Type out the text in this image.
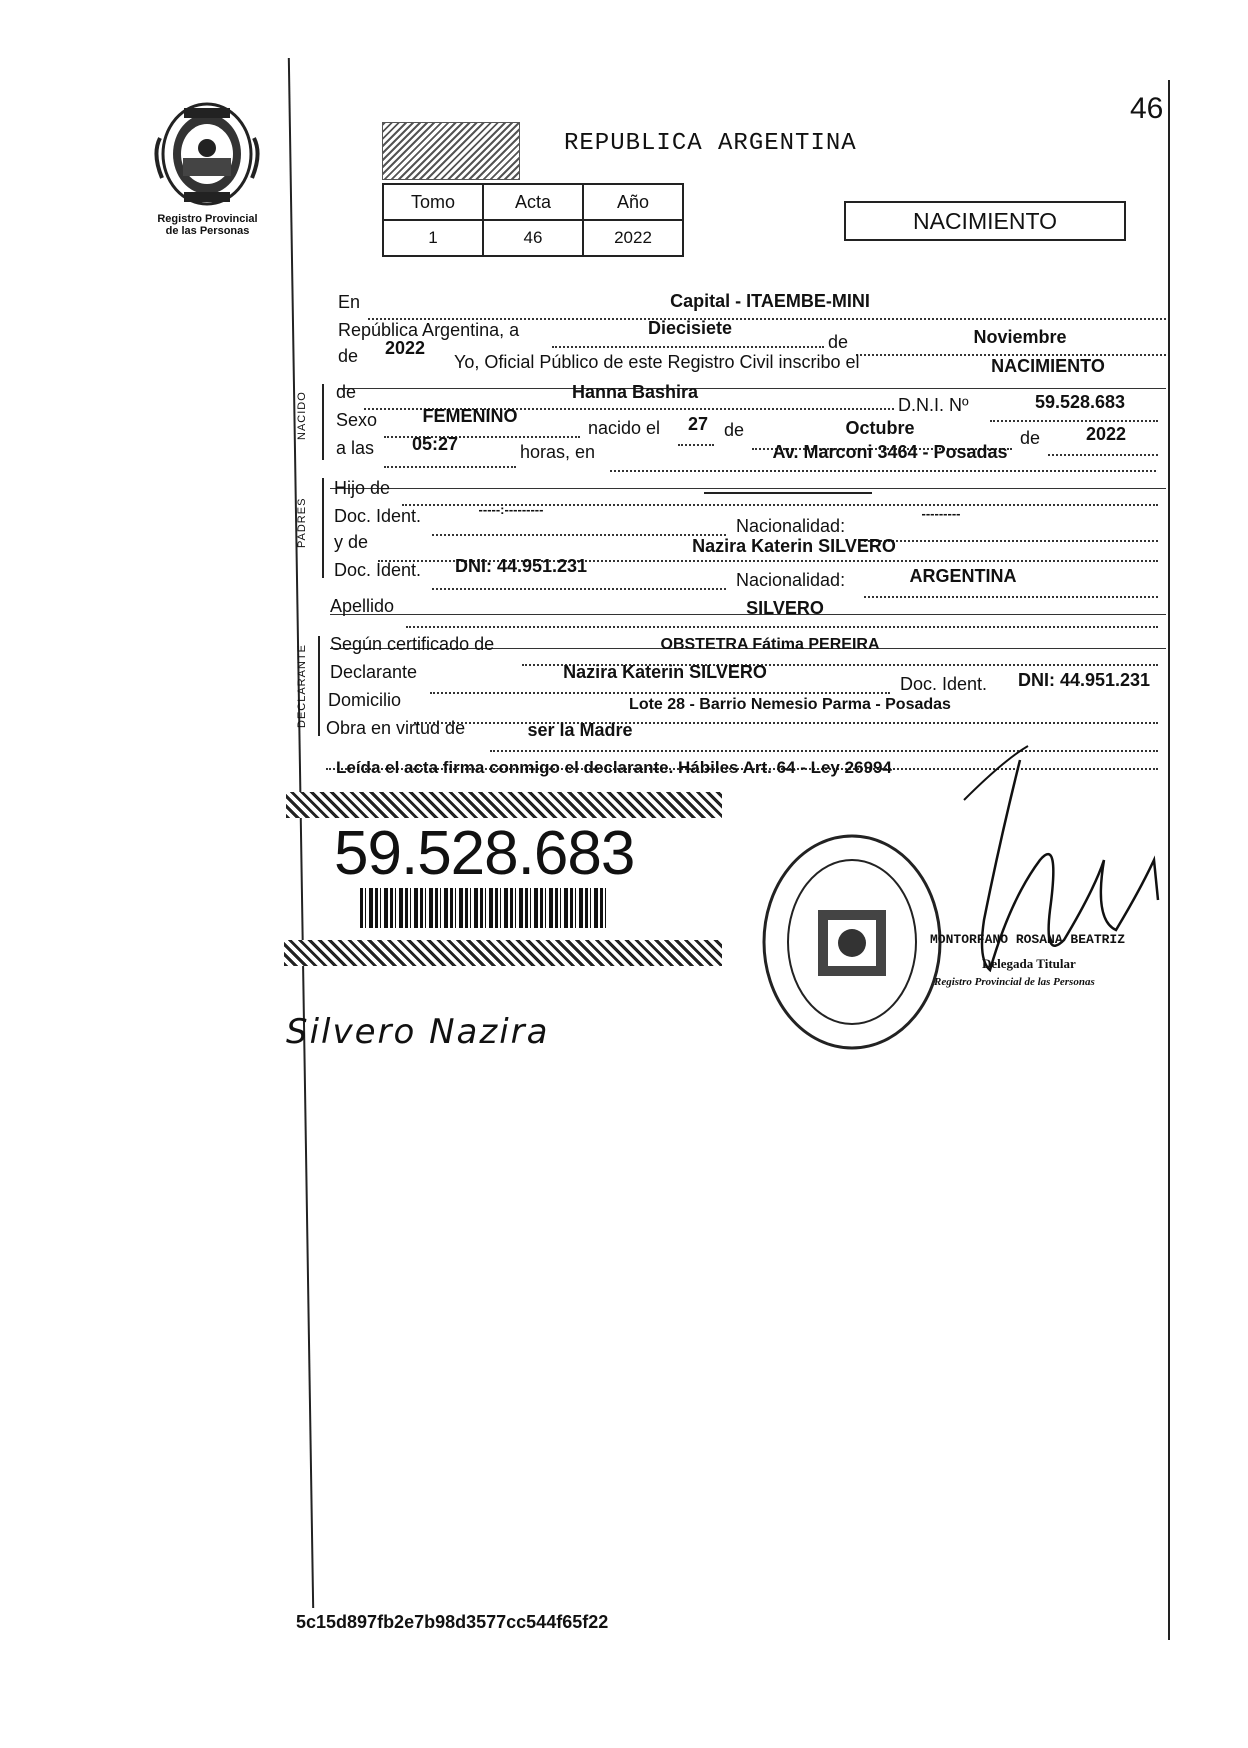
Registro Provincial
de las Personas
46
REPUBLICA ARGENTINA
Tomo	Acta	Año
1	46	2022
NACIMIENTO
En	Capital - ITAEMBE-MINI
República Argentina, a	Diecisiete
de	Noviembre
de	2022
Yo, Oficial Público de este Registro Civil inscribo el	NACIMIENTO
NACIDO de	Hanna Bashira
D.N.I. Nº	59.528.683
Sexo	FEMENINO
nacido el	27 de	Octubre	de	2022
a las	05:27	horas, en	Av. Marconi 3464 - Posadas
PADRES
Hijo de
Doc. Ident.	-----:---------
Nacionalidad:
---------
y de	Nazira Katerin SILVERO
Doc. Ident.	DNI: 44.951.231
Nacionalidad:	ARGENTINA
Apellido	SILVERO
DECLARANTE
Según certificado de	OBSTETRA Fátima PEREIRA
Declarante	Nazira Katerin SILVERO
Doc. Ident.	DNI: 44.951.231
Domicilio	Lote 28 - Barrio Nemesio Parma - Posadas
Obra en virtud de	ser la Madre
Leída el acta firma conmigo el declarante. Hábiles Art. 64 - Ley 26994
59.528.683
MONTORFANO ROSANA BEATRIZ
Delegada Titular
Registro Provincial de las Personas
Silvero Nazira
5c15d897fb2e7b98d3577cc544f65f22
